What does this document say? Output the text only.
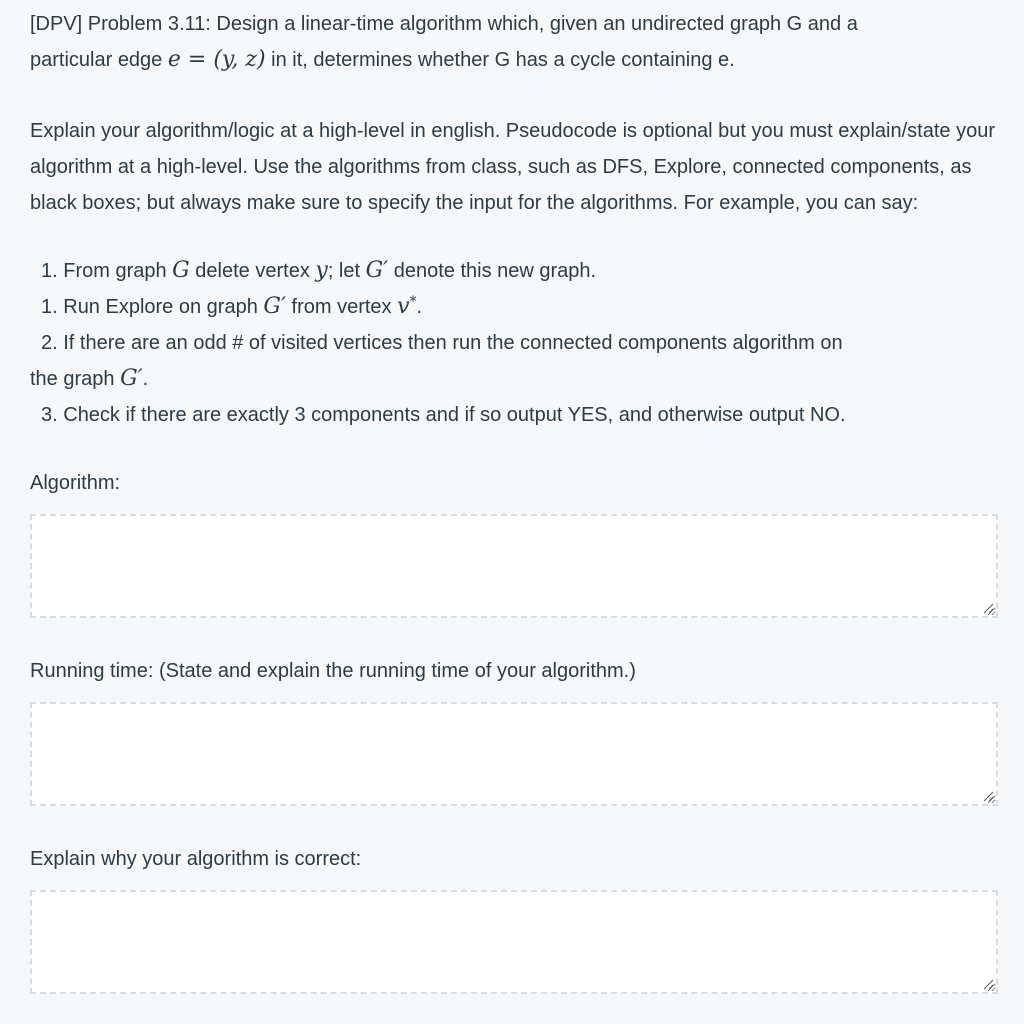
[DPV] Problem 3.11: Design a linear-time algorithm which, given an undirected graph G and a
particular edge e = (y, z) in it, determines whether G has a cycle containing e.

Explain your algorithm/logic at a high-level in english. Pseudocode is optional but you must explain/state your algorithm at a high-level. Use the algorithms from class, such as DFS, Explore, connected components, as black boxes; but always make sure to specify the input for the algorithms. For example, you can say:

1. From graph G delete vertex y; let G′ denote this new graph.

1. Run Explore on graph G′ from vertex v*.

2. If there are an odd # of visited vertices then run the connected components algorithm on

the graph G′.

3. Check if there are exactly 3 components and if so output YES, and otherwise output NO.

Algorithm:

Running time: (State and explain the running time of your algorithm.)

Explain why your algorithm is correct:
